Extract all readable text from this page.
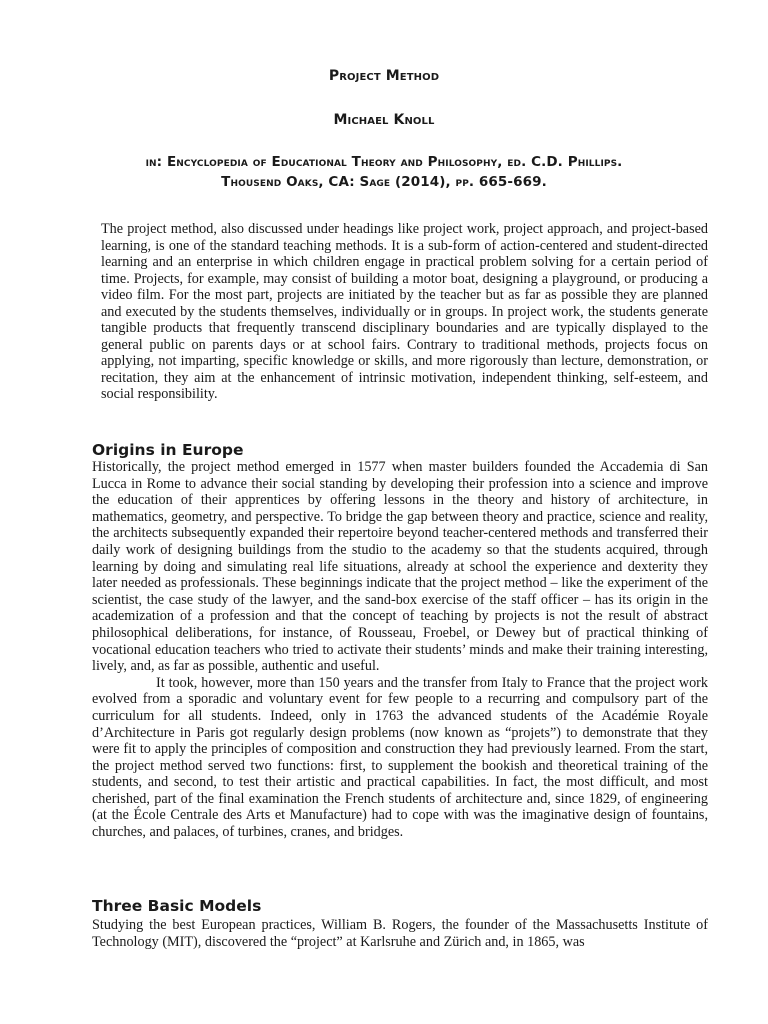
Project Method
Michael Knoll
in: Encyclopedia of Educational Theory and Philosophy, ed. C.D. Phillips.
Thousend Oaks, CA: Sage (2014), pp. 665-669.

The project method, also discussed under headings like project work, project approach, and project-based learning, is one of the standard teaching methods. It is a sub-form of action-centered and student-directed learning and an enterprise in which children engage in practical problem solving for a certain period of time. Projects, for example, may consist of building a motor boat, designing a playground, or producing a video film. For the most part, projects are initiated by the teacher but as far as possible they are planned and executed by the students themselves, individually or in groups. In project work, the students generate tangible products that frequently transcend disciplinary boundaries and are typically displayed to the general public on parents days or at school fairs. Contrary to traditional methods, projects focus on applying, not imparting, specific knowledge or skills, and more rigorously than lecture, demonstration, or recitation, they aim at the enhancement of intrinsic motivation, independent thinking, self-esteem, and social responsibility.

Origins in Europe

Historically, the project method emerged in 1577 when master builders founded the Accademia di San Lucca in Rome to advance their social standing by developing their profession into a science and improve the education of their apprentices by offering lessons in the theory and history of architecture, in mathematics, geometry, and perspective. To bridge the gap between theory and practice, science and reality, the architects subsequently expanded their repertoire beyond teacher-centered methods and transferred their daily work of designing buildings from the studio to the academy so that the students acquired, through learning by doing and simulating real life situations, already at school the experience and dexterity they later needed as professionals. These beginnings indicate that the project method – like the experiment of the scientist, the case study of the lawyer, and the sand-box exercise of the staff officer – has its origin in the academization of a profession and that the concept of teaching by projects is not the result of abstract philosophical deliberations, for instance, of Rousseau, Froebel, or Dewey but of practical thinking of vocational education teachers who tried to activate their students’ minds and make their training interesting, lively, and, as far as possible, authentic and useful.

It took, however, more than 150 years and the transfer from Italy to France that the project work evolved from a sporadic and voluntary event for few people to a recurring and compulsory part of the curriculum for all students. Indeed, only in 1763 the advanced students of the Académie Royale d’Architecture in Paris got regularly design problems (now known as “projets”) to demonstrate that they were fit to apply the principles of composition and construction they had previously learned. From the start, the project method served two functions: first, to supplement the bookish and theoretical training of the students, and second, to test their artistic and practical capabilities. In fact, the most difficult, and most cherished, part of the final examination the French students of architecture and, since 1829, of engineering (at the École Centrale des Arts et Manufacture) had to cope with was the imaginative design of fountains, churches, and palaces, of turbines, cranes, and bridges.

Three Basic Models

Studying the best European practices, William B. Rogers, the founder of the Massachusetts Institute of Technology (MIT), discovered the “project” at Karlsruhe and Zürich and, in 1865, was
